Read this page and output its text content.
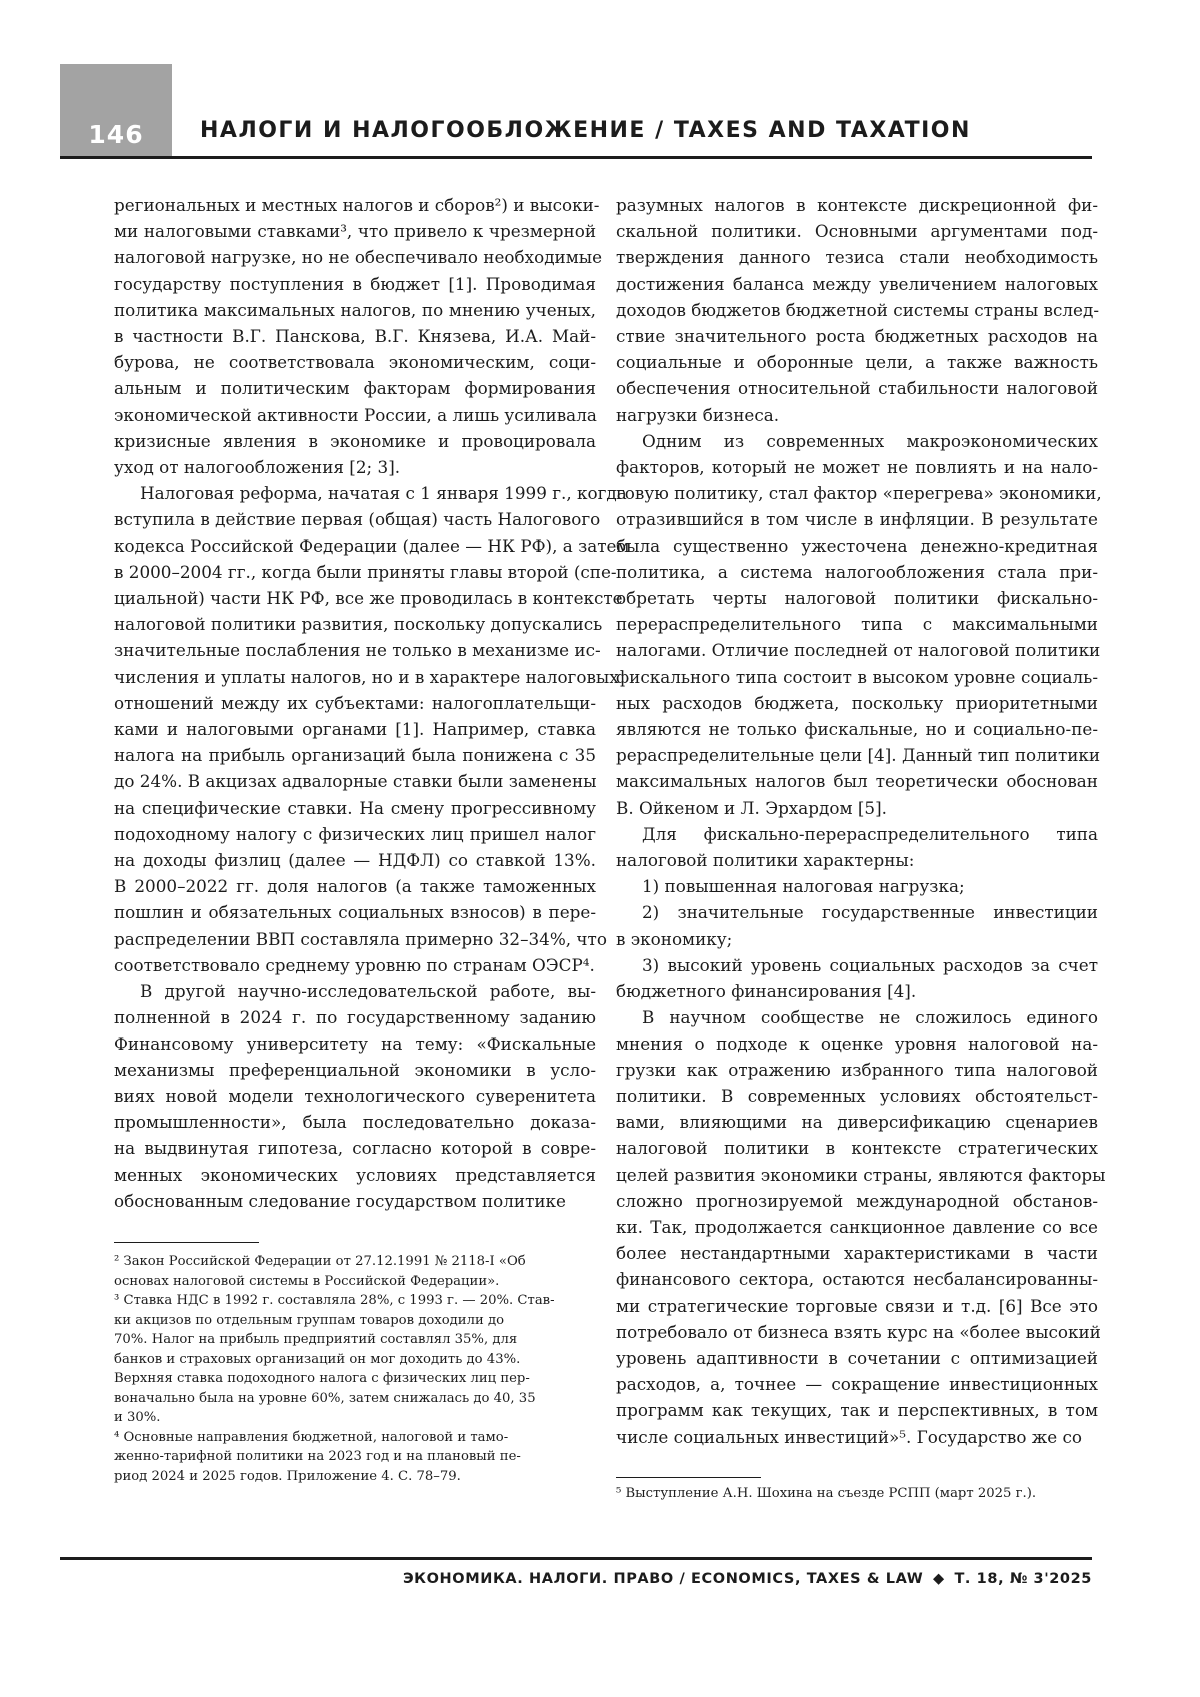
146	НАЛОГИ И НАЛОГООБЛОЖЕНИЕ / TAXES AND TAXATION
региональных и местных налогов и сборов²) и высоки-
ми налоговыми ставками³, что привело к чрезмерной
налоговой нагрузке, но не обеспечивало необходимые
государству поступления в бюджет [1]. Проводимая
политика максимальных налогов, по мнению ученых,
в частности В.Г. Панскова, В.Г. Князева, И.А. Май-
бурова, не соответствовала экономическим, соци-
альным и политическим факторам формирования
экономической активности России, а лишь усиливала
кризисные явления в экономике и провоцировала
уход от налогообложения [2; 3].
Налоговая реформа, начатая с 1 января 1999 г., когда
вступила в действие первая (общая) часть Налогового
кодекса Российской Федерации (далее — НК РФ), а затем
в 2000–2004 гг., когда были приняты главы второй (спе-
циальной) части НК РФ, все же проводилась в контексте
налоговой политики развития, поскольку допускались
значительные послабления не только в механизме ис-
числения и уплаты налогов, но и в характере налоговых
отношений между их субъектами: налогоплательщи-
ками и налоговыми органами [1]. Например, ставка
налога на прибыль организаций была понижена с 35
до 24%. В акцизах адвалорные ставки были заменены
на специфические ставки. На смену прогрессивному
подоходному налогу с физических лиц пришел налог
на доходы физлиц (далее — НДФЛ) со ставкой 13%.
В 2000–2022 гг. доля налогов (а также таможенных
пошлин и обязательных социальных взносов) в пере-
распределении ВВП составляла примерно 32–34%, что
соответствовало среднему уровню по странам ОЭСР⁴.
В другой научно-исследовательской работе, вы-
полненной в 2024 г. по государственному заданию
Финансовому университету на тему: «Фискальные
механизмы преференциальной экономики в усло-
виях новой модели технологического суверенитета
промышленности», была последовательно доказа-
на выдвинутая гипотеза, согласно которой в совре-
менных экономических условиях представляется
обоснованным следование государством политике
разумных налогов в контексте дискреционной фи-
скальной политики. Основными аргументами под-
тверждения данного тезиса стали необходимость
достижения баланса между увеличением налоговых
доходов бюджетов бюджетной системы страны вслед-
ствие значительного роста бюджетных расходов на
социальные и оборонные цели, а также важность
обеспечения относительной стабильности налоговой
нагрузки бизнеса.
Одним из современных макроэкономических
факторов, который не может не повлиять и на нало-
говую политику, стал фактор «перегрева» экономики,
отразившийся в том числе в инфляции. В результате
была существенно ужесточена денежно-кредитная
политика, а система налогообложения стала при-
обретать черты налоговой политики фискально-
перераспределительного типа с максимальными
налогами. Отличие последней от налоговой политики
фискального типа состоит в высоком уровне социаль-
ных расходов бюджета, поскольку приоритетными
являются не только фискальные, но и социально-пе-
рераспределительные цели [4]. Данный тип политики
максимальных налогов был теоретически обоснован
В. Ойкеном и Л. Эрхардом [5].
Для фискально-перераспределительного типа
налоговой политики характерны:
1) повышенная налоговая нагрузка;
2) значительные государственные инвестиции
в экономику;
3) высокий уровень социальных расходов за счет
бюджетного финансирования [4].
В научном сообществе не сложилось единого
мнения о подходе к оценке уровня налоговой на-
грузки как отражению избранного типа налоговой
политики. В современных условиях обстоятельст-
вами, влияющими на диверсификацию сценариев
налоговой политики в контексте стратегических
целей развития экономики страны, являются факторы
сложно прогнозируемой международной обстанов-
ки. Так, продолжается санкционное давление со все
более нестандартными характеристиками в части
финансового сектора, остаются несбалансированны-
ми стратегические торговые связи и т.д. [6] Все это
потребовало от бизнеса взять курс на «более высокий
уровень адаптивности в сочетании с оптимизацией
расходов, а, точнее — сокращение инвестиционных
программ как текущих, так и перспективных, в том
числе социальных инвестиций»⁵. Государство же со
² Закон Российской Федерации от 27.12.1991 № 2118-I «Об
основах налоговой системы в Российской Федерации».
³ Ставка НДС в 1992 г. составляла 28%, с 1993 г. — 20%. Став-
ки акцизов по отдельным группам товаров доходили до
70%. Налог на прибыль предприятий составлял 35%, для
банков и страховых организаций он мог доходить до 43%.
Верхняя ставка подоходного налога с физических лиц пер-
воначально была на уровне 60%, затем снижалась до 40, 35
и 30%.
⁴ Основные направления бюджетной, налоговой и тамо-
женно-тарифной политики на 2023 год и на плановый пе-
риод 2024 и 2025 годов. Приложение 4. С. 78–79.
⁵ Выступление А.Н. Шохина на съезде РСПП (март 2025 г.).
ЭКОНОМИКА. НАЛОГИ. ПРАВО / ECONOMICS, TAXES & LAW ◆ Т. 18, № 3'2025
